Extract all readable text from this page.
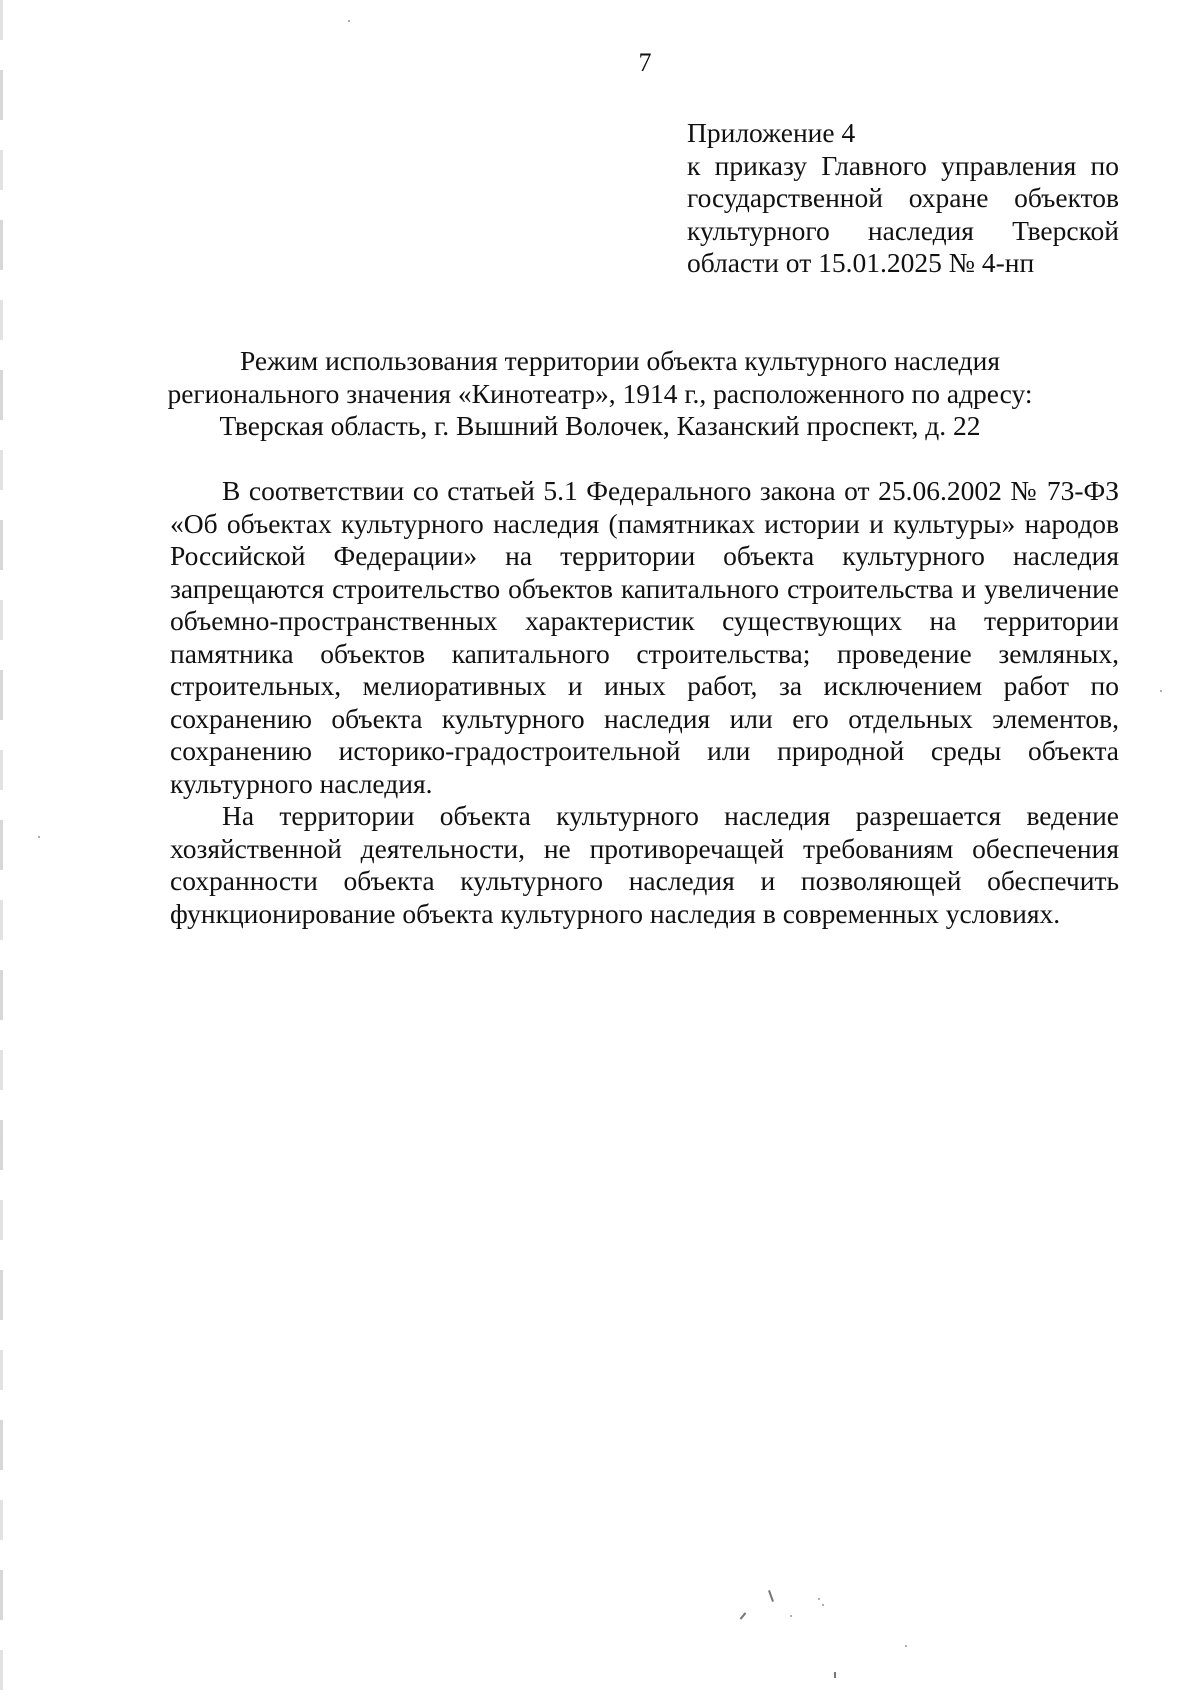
7
Приложение 4
к приказу Главного управления по
государственной охране объектов
культурного наследия Тверской
области от 15.01.2025 № 4-нп
Режим использования территории объекта культурного наследия
регионального значения «Кинотеатр», 1914 г., расположенного по адресу:
Тверская область, г. Вышний Волочек, Казанский проспект, д. 22

В соответствии со статьей 5.1 Федерального закона от 25.06.2002 № 73-ФЗ «Об объектах культурного наследия (памятниках истории и культуры» народов Российской Федерации» на территории объекта культурного наследия запрещаются строительство объектов капитального строительства и увеличение объемно-пространственных характеристик существующих на территории памятника объектов капитального строительства; проведение земляных, строительных, мелиоративных и иных работ, за исключением работ по сохранению объекта культурного наследия или его отдельных элементов, сохранению историко-градостроительной или природной среды объекта культурного наследия.

На территории объекта культурного наследия разрешается ведение хозяйственной деятельности, не противоречащей требованиям обеспечения сохранности объекта культурного наследия и позволяющей обеспечить функционирование объекта культурного наследия в современных условиях.
